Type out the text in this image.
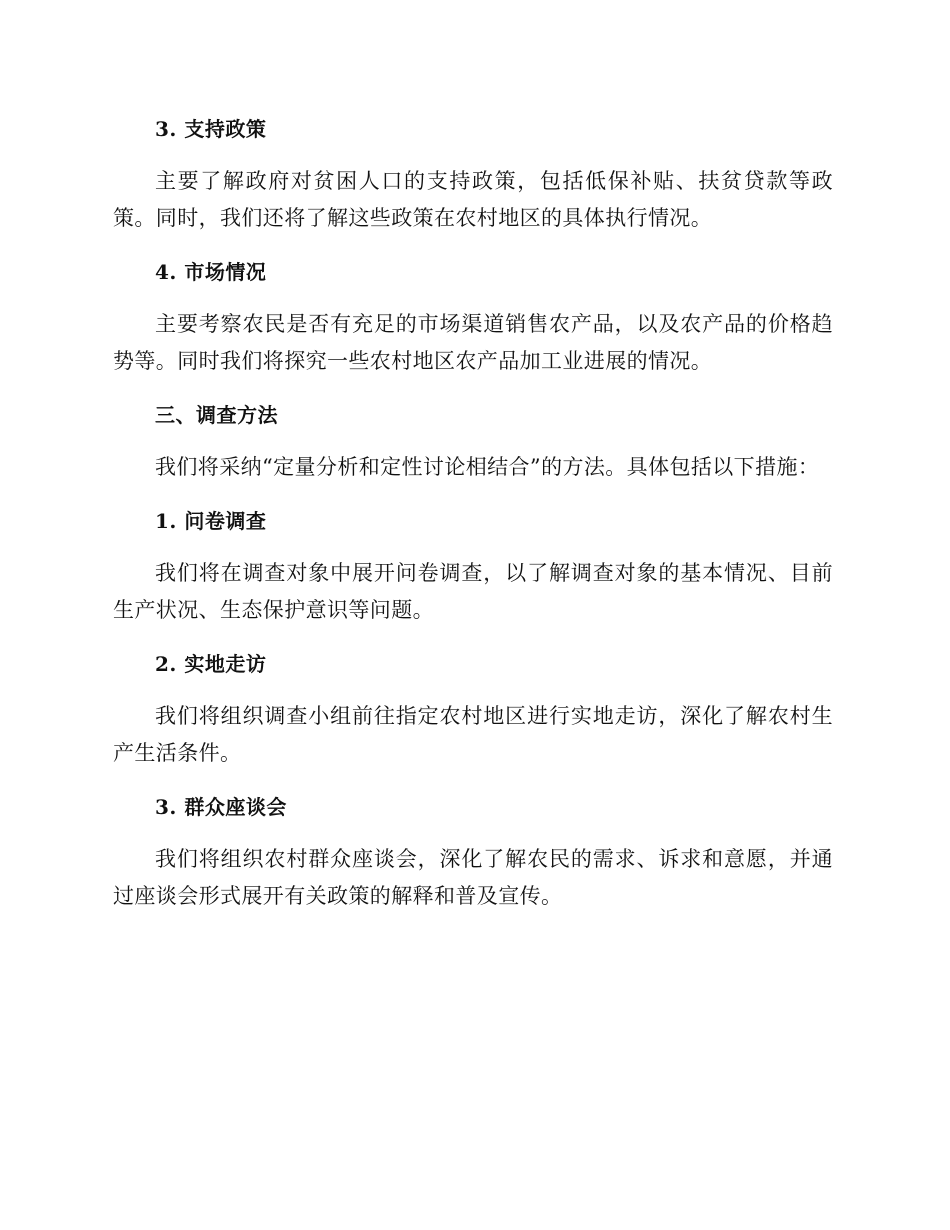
3. 支持政策

主要了解政府对贫困人口的支持政策，包括低保补贴、扶贫贷款等政策。同时，我们还将了解这些政策在农村地区的具体执行情况。

4. 市场情况

主要考察农民是否有充足的市场渠道销售农产品，以及农产品的价格趋势等。同时我们将探究一些农村地区农产品加工业进展的情况。

三、调查方法

我们将采纳“定量分析和定性讨论相结合”的方法。具体包括以下措施：

1. 问卷调查

我们将在调查对象中展开问卷调查，以了解调查对象的基本情况、目前生产状况、生态保护意识等问题。

2. 实地走访

我们将组织调查小组前往指定农村地区进行实地走访，深化了解农村生产生活条件。

3. 群众座谈会

我们将组织农村群众座谈会，深化了解农民的需求、诉求和意愿，并通过座谈会形式展开有关政策的解释和普及宣传。
